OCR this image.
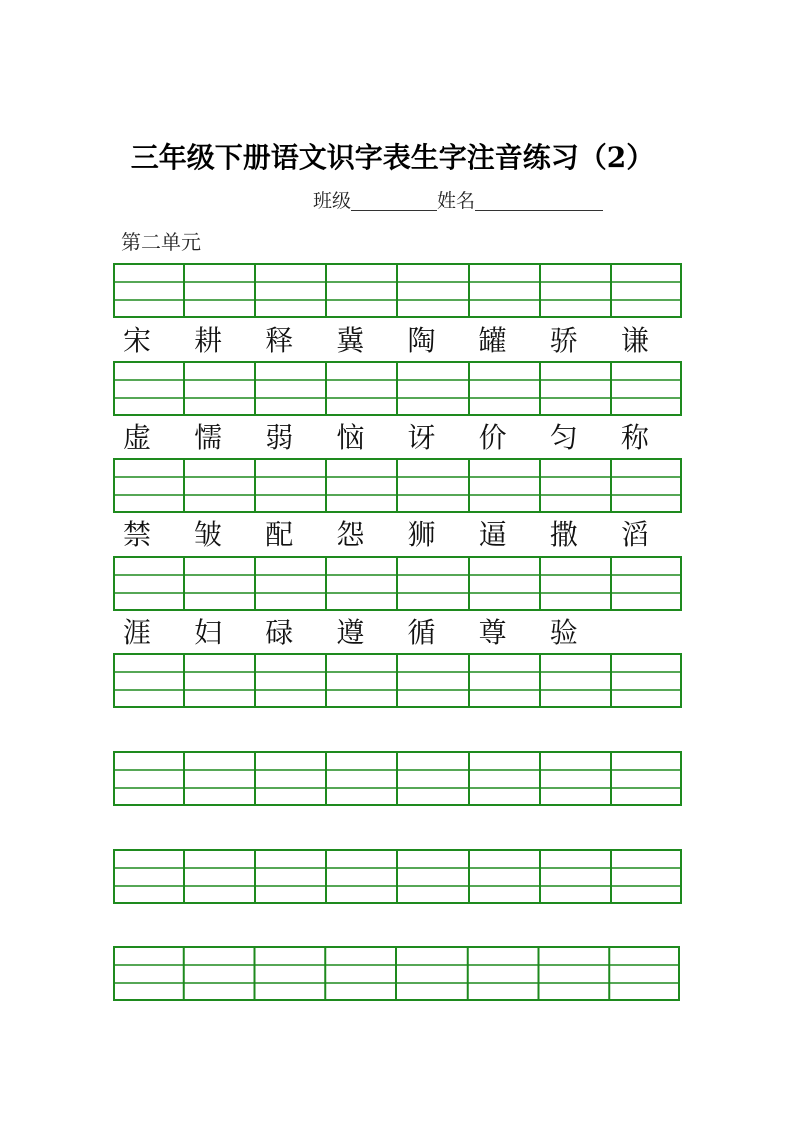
三年级下册语文识字表生字注音练习（2）
班级	姓名
第二单元
宋	耕	释	冀	陶	罐	骄	谦
虚	懦	弱	恼	讶	价	匀	称
禁	皱	配	怨	狮	逼	撒	滔
涯	妇	碌	遵	循	尊	验
